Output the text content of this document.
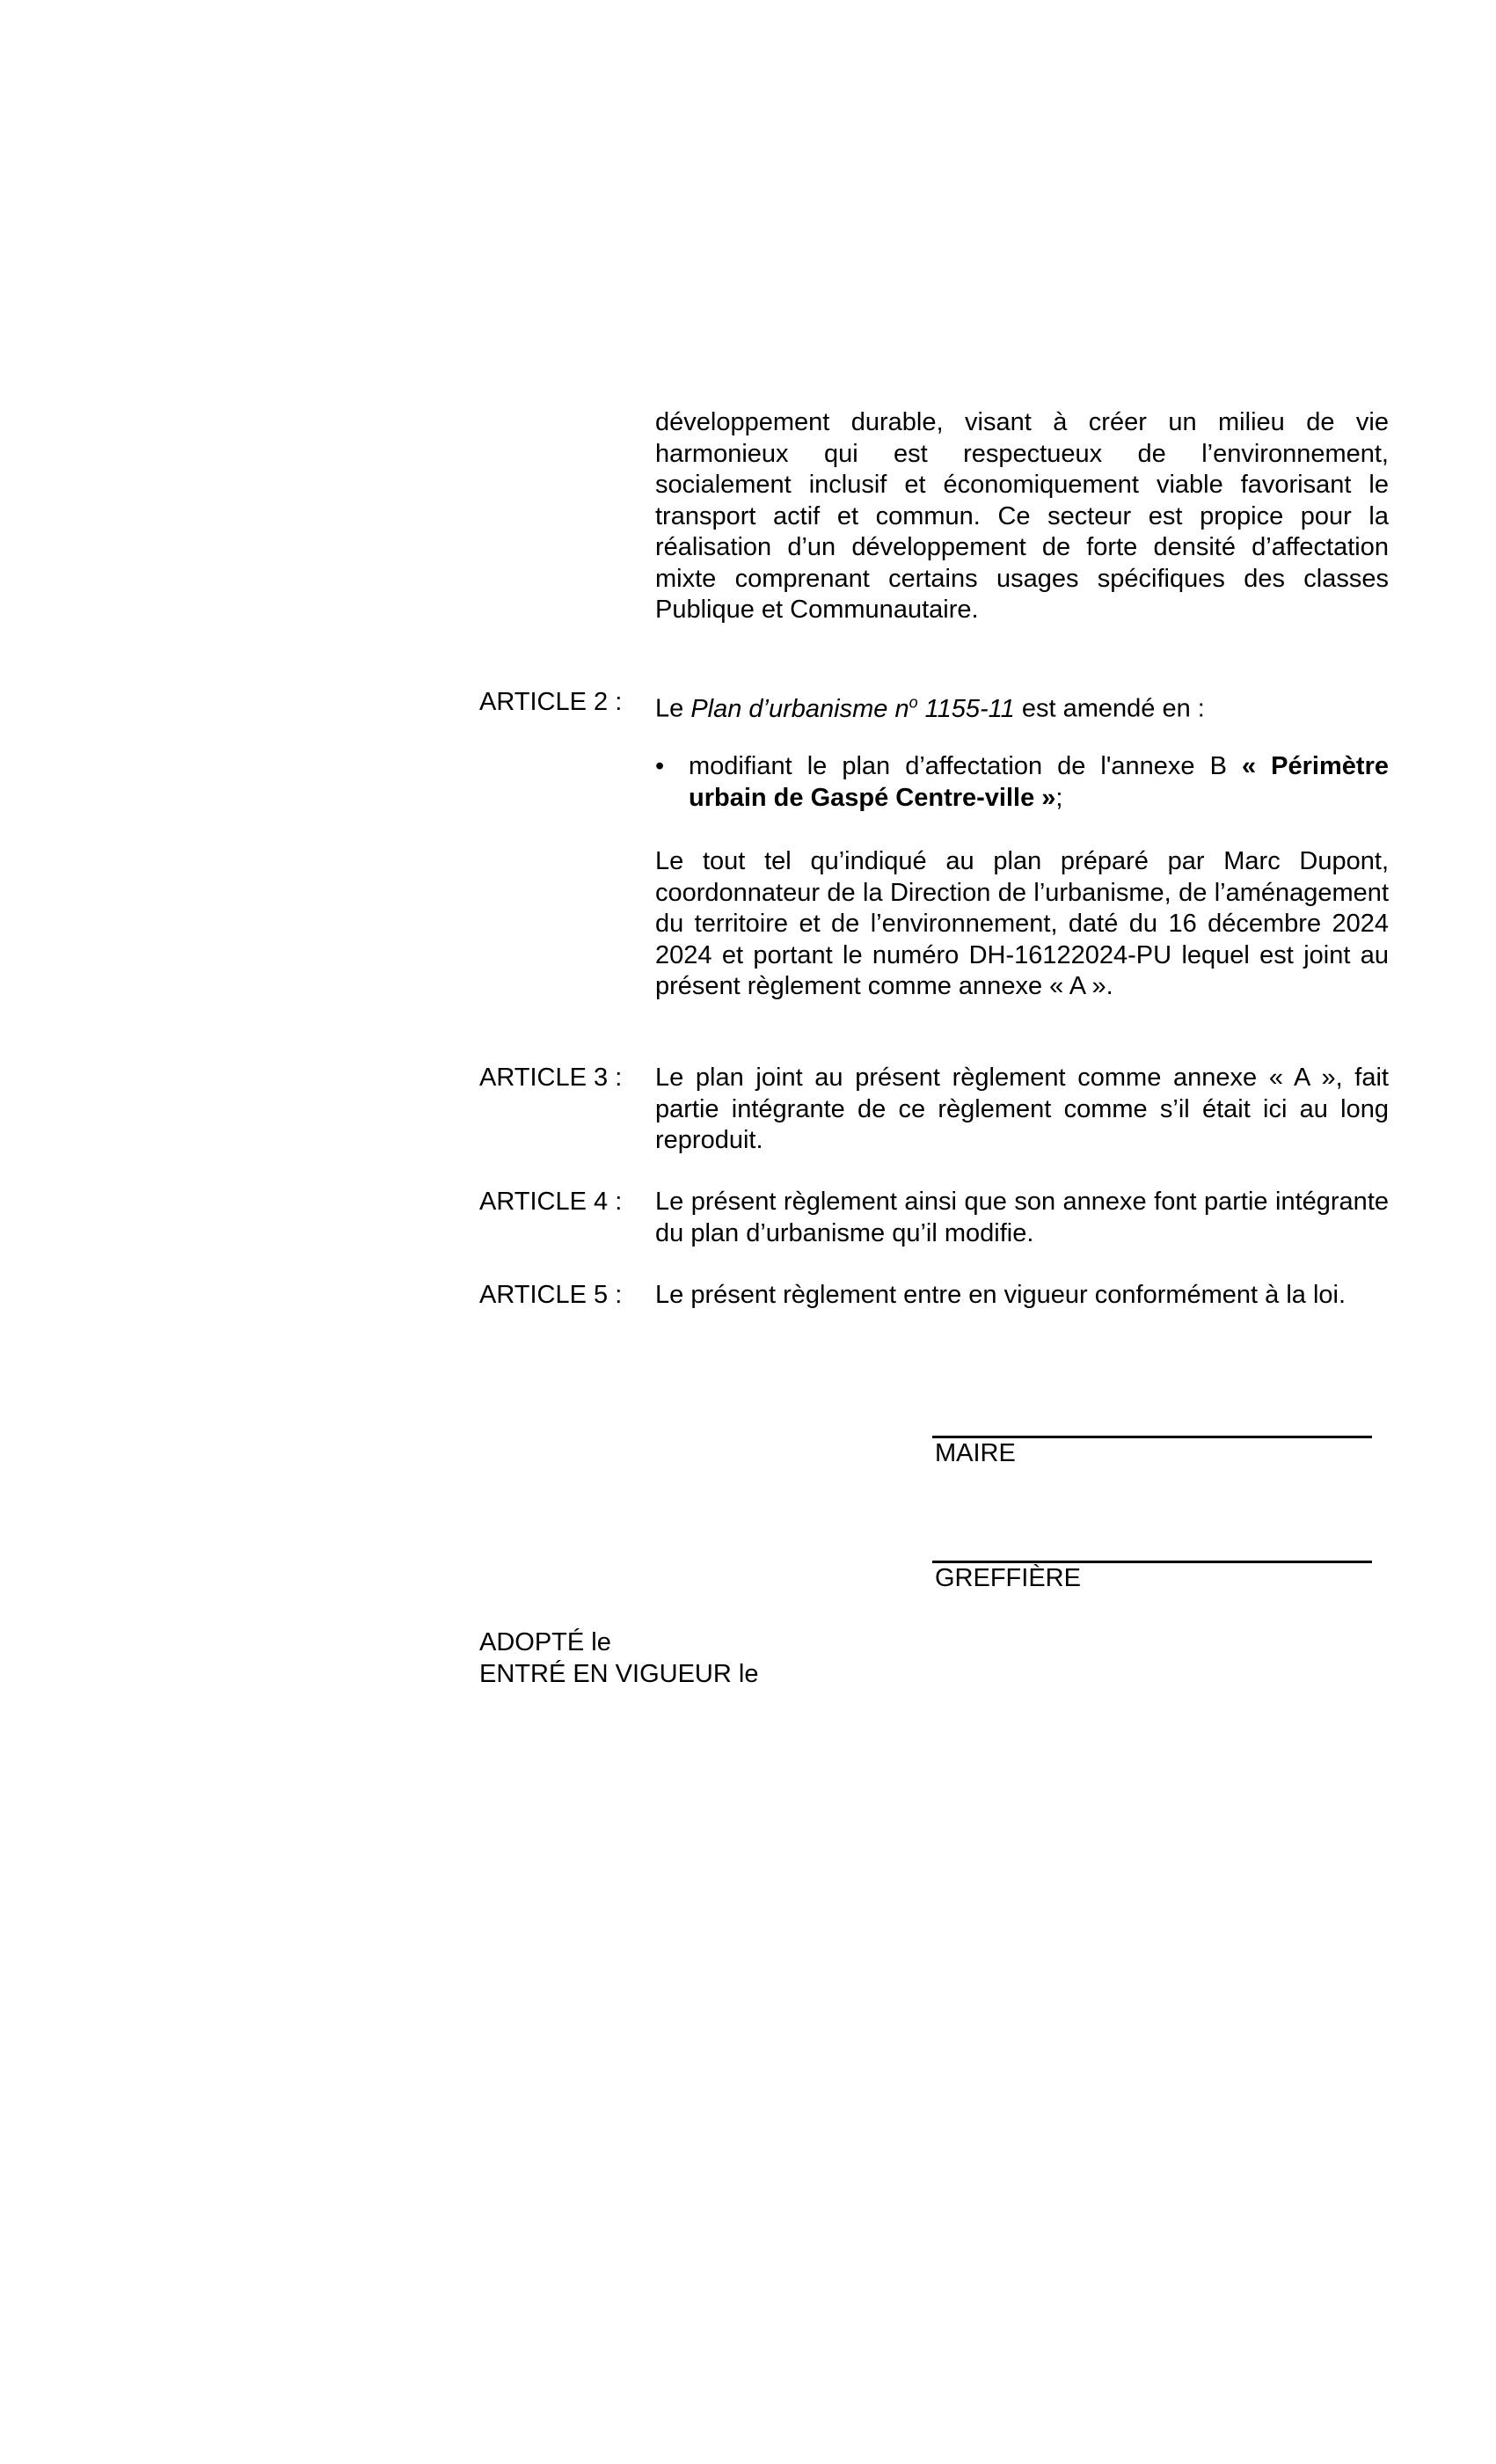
développement durable, visant à créer un milieu de vie harmonieux qui est respectueux de l’environnement, socialement inclusif et économiquement viable favorisant le transport actif et commun. Ce secteur est propice pour la réalisation d’un développement de forte densité d’affectation mixte comprenant certains usages spécifiques des classes Publique et Communautaire.
ARTICLE 2 : Le Plan d’urbanisme $n^o$ 1155-11 est amendé en :
• modifiant le plan d’affectation de l'annexe B « Périmètre urbain de Gaspé Centre-ville »;
Le tout tel qu’indiqué au plan préparé par Marc Dupont, coordonnateur de la Direction de l’urbanisme, de l’aménagement du territoire et de l’environnement, daté du 16 décembre 2024 2024 et portant le numéro DH-16122024-PU lequel est joint au présent règlement comme annexe « A ».
ARTICLE 3 : Le plan joint au présent règlement comme annexe « A », fait partie intégrante de ce règlement comme s’il était ici au long reproduit.
ARTICLE 4 : Le présent règlement ainsi que son annexe font partie intégrante du plan d’urbanisme qu’il modifie.
ARTICLE 5 : Le présent règlement entre en vigueur conformément à la loi.
MAIRE
GREFFIÈRE
ADOPTÉ le
ENTRÉ EN VIGUEUR le
